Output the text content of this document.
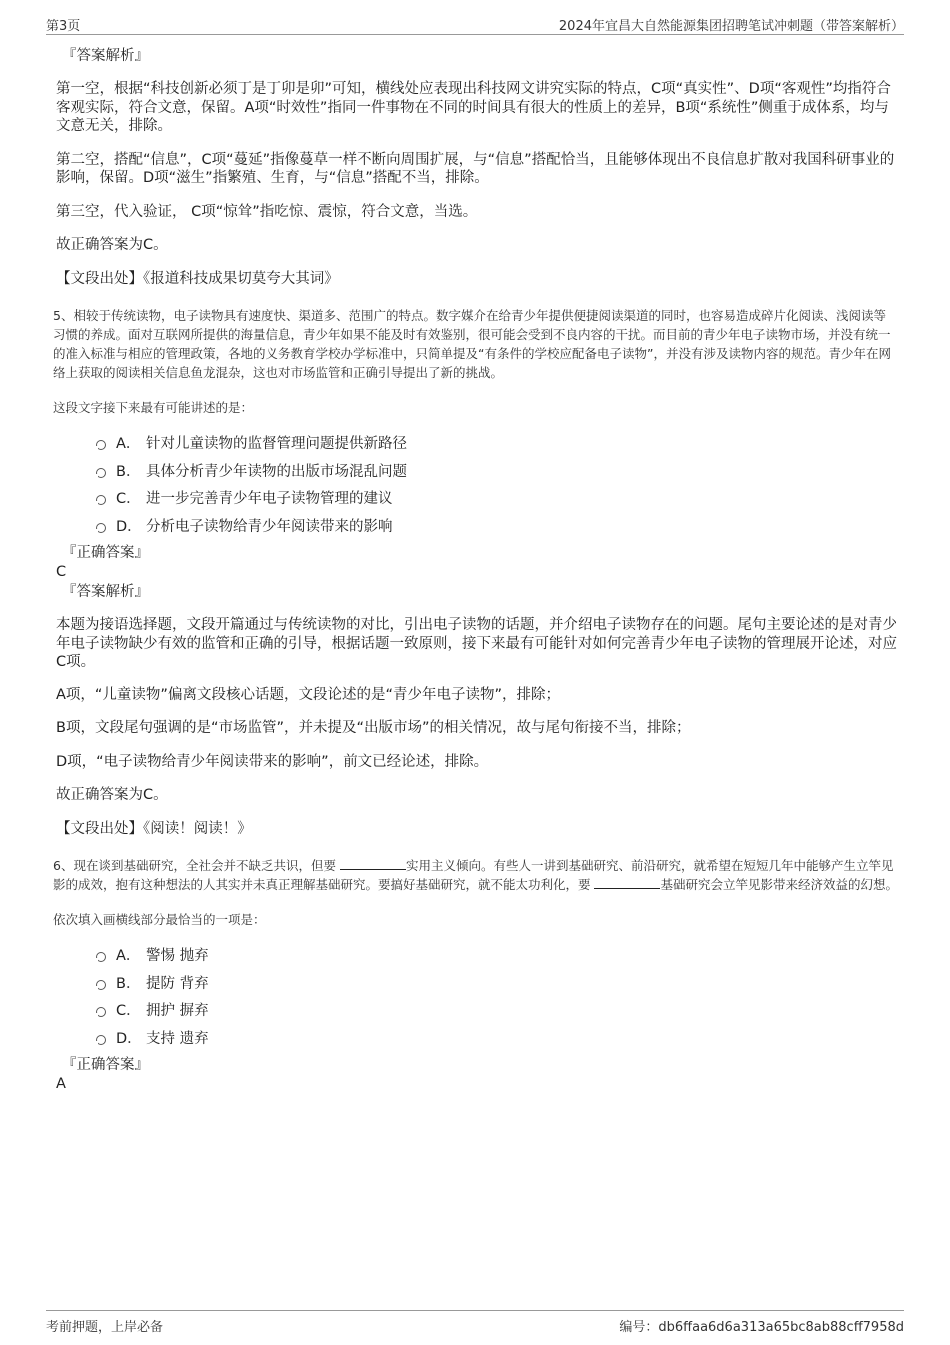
第3页	2024年宜昌大自然能源集团招聘笔试冲刺题（带答案解析）

『答案解析』

第一空，根据“科技创新必须丁是丁卯是卯”可知，横线处应表现出科技网文讲究实际的特点，C项“真实性”、D项“客观性”均指符合客观实际，符合文意，保留。A项“时效性”指同一件事物在不同的时间具有很大的性质上的差异，B项“系统性”侧重于成体系，均与文意无关，排除。

第二空，搭配“信息”，C项“蔓延”指像蔓草一样不断向周围扩展，与“信息”搭配恰当，且能够体现出不良信息扩散对我国科研事业的影响，保留。D项“滋生”指繁殖、生育，与“信息”搭配不当，排除。

第三空，代入验证， C项“惊耸”指吃惊、震惊，符合文意，当选。

故正确答案为C。

【文段出处】《报道科技成果切莫夸大其词》

5、相较于传统读物，电子读物具有速度快、渠道多、范围广的特点。数字媒介在给青少年提供便捷阅读渠道的同时，也容易造成碎片化阅读、浅阅读等习惯的养成。面对互联网所提供的海量信息，青少年如果不能及时有效鉴别，很可能会受到不良内容的干扰。而目前的青少年电子读物市场，并没有统一的准入标准与相应的管理政策，各地的义务教育学校办学标准中，只简单提及“有条件的学校应配备电子读物”，并没有涉及读物内容的规范。青少年在网络上获取的阅读相关信息鱼龙混杂，这也对市场监管和正确引导提出了新的挑战。

这段文字接下来最有可能讲述的是：

A． 针对儿童读物的监督管理问题提供新路径
B． 具体分析青少年读物的出版市场混乱问题
C． 进一步完善青少年电子读物管理的建议
D． 分析电子读物给青少年阅读带来的影响

『正确答案』

C

『答案解析』

本题为接语选择题，文段开篇通过与传统读物的对比，引出电子读物的话题，并介绍电子读物存在的问题。尾句主要论述的是对青少年电子读物缺少有效的监管和正确的引导，根据话题一致原则，接下来最有可能针对如何完善青少年电子读物的管理展开论述，对应C项。

A项，“儿童读物”偏离文段核心话题，文段论述的是“青少年电子读物”，排除；

B项，文段尾句强调的是“市场监管”，并未提及“出版市场”的相关情况，故与尾句衔接不当，排除；

D项，“电子读物给青少年阅读带来的影响”，前文已经论述，排除。

故正确答案为C。

【文段出处】《阅读！阅读！》

6、现在谈到基础研究，全社会并不缺乏共识，但要	实用主义倾向。有些人一讲到基础研究、前沿研究，就希望在短短几年中能够产生立竿见影的成效，抱有这种想法的人其实并未真正理解基础研究。要搞好基础研究，就不能太功利化，要	基础研究会立竿见影带来经济效益的幻想。

依次填入画横线部分最恰当的一项是：

A． 警惕 抛弃
B． 提防 背弃
C． 拥护 摒弃
D． 支持 遗弃

『正确答案』

A

考前押题，上岸必备	编号：db6ffaa6d6a313a65bc8ab88cff7958d
